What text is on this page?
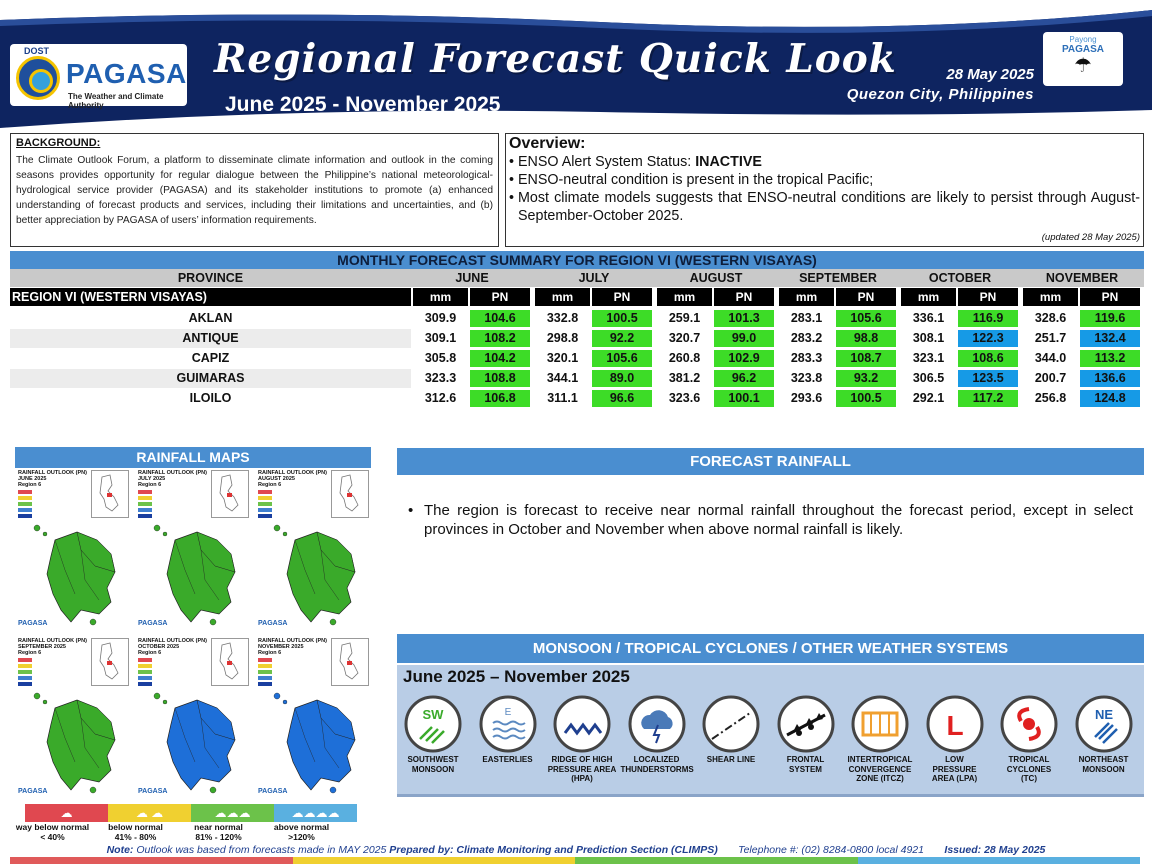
DOST
PAGASA
The Weather and Climate Authority
Regional Forecast Quick Look
June 2025 - November 2025
28 May 2025
Quezon City, Philippines
Payong
PAGASA
☂
BACKGROUND:
The Climate Outlook Forum, a platform to disseminate climate information and outlook in the coming seasons provides opportunity for regular dialogue between the Philippine’s national meteorological-hydrological service provider (PAGASA) and its stakeholder institutions to promote (a) enhanced understanding of forecast products and services, including their limitations and uncertainties, and (b) better appreciation by PAGASA of users’ information requirements.
Overview:
• ENSO Alert System Status: INACTIVE
• ENSO-neutral condition is present in the tropical Pacific;
• Most climate models suggests that ENSO-neutral conditions are likely to persist through August-September-October 2025.
(updated 28 May 2025)
MONTHLY FORECAST SUMMARY FOR REGION VI (WESTERN VISAYAS)
PROVINCE	JUNE	JULY	AUGUST	SEPTEMBER	OCTOBER	NOVEMBER
REGION VI (WESTERN VISAYAS)	mm	PN	mm	PN	mm	PN	mm	PN	mm	PN	mm	PN
AKLAN	309.9	104.6	332.8	100.5	259.1	101.3	283.1	105.6	336.1	116.9	328.6	119.6
ANTIQUE	309.1	108.2	298.8	92.2	320.7	99.0	283.2	98.8	308.1	122.3	251.7	132.4
CAPIZ	305.8	104.2	320.1	105.6	260.8	102.9	283.3	108.7	323.1	108.6	344.0	113.2
GUIMARAS	323.3	108.8	344.1	89.0	381.2	96.2	323.8	93.2	306.5	123.5	200.7	136.6
ILOILO	312.6	106.8	311.1	96.6	323.6	100.1	293.6	100.5	292.1	117.2	256.8	124.8
RAINFALL MAPS
RAINFALL OUTLOOK (PN)
JUNE 2025
Region 6
PAGASA
RAINFALL OUTLOOK (PN)
JULY 2025
Region 6
PAGASA
RAINFALL OUTLOOK (PN)
AUGUST 2025
Region 6
PAGASA
RAINFALL OUTLOOK (PN)
SEPTEMBER 2025
Region 6
PAGASA
RAINFALL OUTLOOK (PN)
OCTOBER 2025
Region 6
PAGASA
RAINFALL OUTLOOK (PN)
NOVEMBER 2025
Region 6
PAGASA
☁	☁ ☁	☁☁☁	☁☁☁☁
way below normal
< 40%
below normal
41% - 80%
near normal
81% - 120%
above normal
>120%
FORECAST RAINFALL
• The region is forecast to receive near normal rainfall throughout the forecast period, except in select provinces in October and November when above normal rainfall is likely.
MONSOON / TROPICAL CYCLONES / OTHER WEATHER SYSTEMS
June 2025 – November 2025
SW
SOUTHWEST
MONSOON
E
EASTERLIES	RIDGE OF HIGH
PRESSURE AREA
(HPA)
LOCALIZED
THUNDERSTORMS
SHEAR LINE	FRONTAL
SYSTEM
INTERTROPICAL
CONVERGENCE
ZONE (ITCZ)
L
LOW
PRESSURE
AREA (LPA)
TROPICAL
CYCLONES
(TC)
NE
NORTHEAST
MONSOON
Note: Outlook was based from forecasts made in MAY 2025 Prepared by: Climate Monitoring and Prediction Section (CLIMPS) Telephone #: (02) 8284-0800 local 4921 Issued: 28 May 2025
